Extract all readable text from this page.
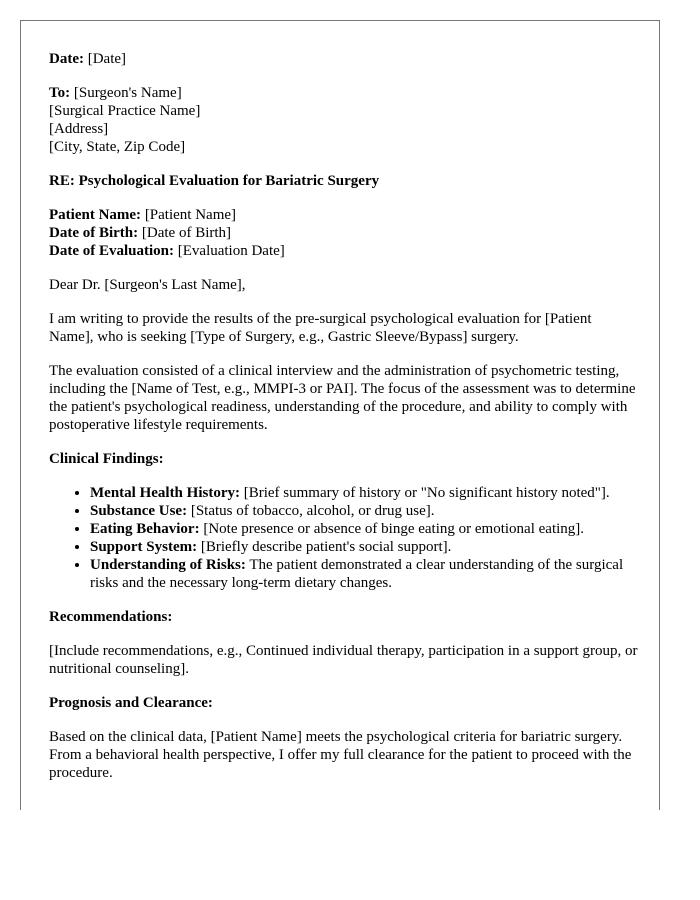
Date: [Date]

To: [Surgeon's Name]
[Surgical Practice Name]
[Address]
[City, State, Zip Code]

RE: Psychological Evaluation for Bariatric Surgery

Patient Name: [Patient Name]
Date of Birth: [Date of Birth]
Date of Evaluation: [Evaluation Date]

Dear Dr. [Surgeon's Last Name],

I am writing to provide the results of the pre-surgical psychological evaluation for [Patient Name], who is seeking [Type of Surgery, e.g., Gastric Sleeve/Bypass] surgery.

The evaluation consisted of a clinical interview and the administration of psychometric testing, including the [Name of Test, e.g., MMPI-3 or PAI]. The focus of the assessment was to determine the patient's psychological readiness, understanding of the procedure, and ability to comply with postoperative lifestyle requirements.

Clinical Findings:

• Mental Health History: [Brief summary of history or "No significant history noted"].
• Substance Use: [Status of tobacco, alcohol, or drug use].
• Eating Behavior: [Note presence or absence of binge eating or emotional eating].
• Support System: [Briefly describe patient's social support].
• Understanding of Risks: The patient demonstrated a clear understanding of the surgical risks and the necessary long-term dietary changes.

Recommendations:

[Include recommendations, e.g., Continued individual therapy, participation in a support group, or nutritional counseling].

Prognosis and Clearance:

Based on the clinical data, [Patient Name] meets the psychological criteria for bariatric surgery. From a behavioral health perspective, I offer my full clearance for the patient to proceed with the procedure.
